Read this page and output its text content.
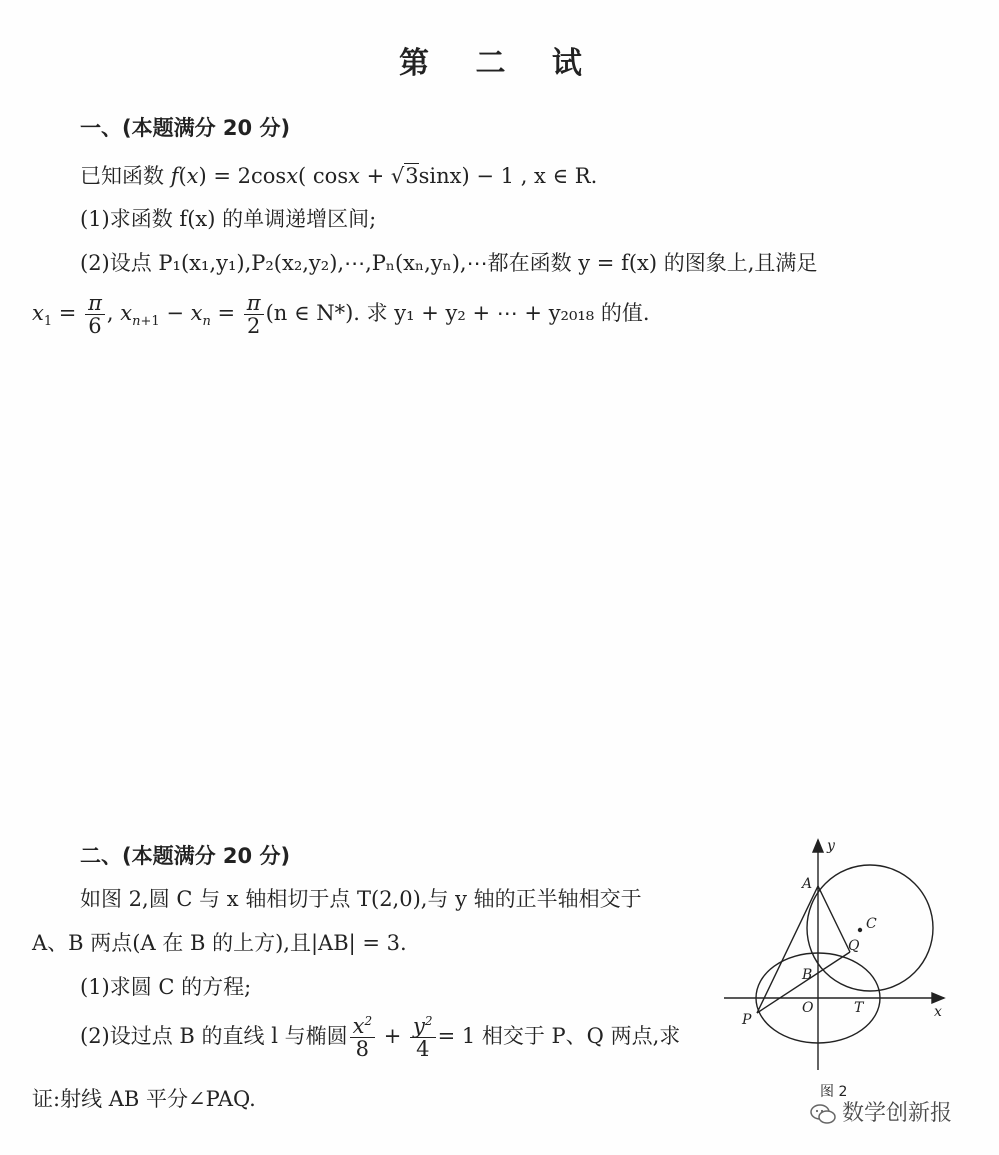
第 二 试
一、(本题满分 20 分)
已知函数 f(x) = 2cosx( cosx + √3sinx) − 1 , x ∈ R.
(1)求函数 f(x) 的单调递增区间;
(2)设点 P₁(x₁,y₁),P₂(x₂,y₂),⋯,Pₙ(xₙ,yₙ),⋯都在函数 y = f(x) 的图象上,且满足
$x_1 = \frac{\pi}{6}$ , $x_{n+1} - x_n = \frac{\pi}{2} (n$ ∈ N*). 求 y₁ + y₂ + ⋯ + y₂₀₁₈ 的值.
二、(本题满分 20 分)
如图 2,圆 C 与 x 轴相切于点 T(2,0),与 y 轴的正半轴相交于
A、B 两点(A 在 B 的上方),且|AB| = 3.
(1)求圆 C 的方程;
(2)设过点 B 的直线 l 与椭圆 $\frac{x^2}{8} + \frac{y^2}{4} = 1$ 相交于 P、Q 两点,求
证:射线 AB 平分∠PAQ.
y
x
A
B
C
Q
O	T
P
图 2
数学创新报
